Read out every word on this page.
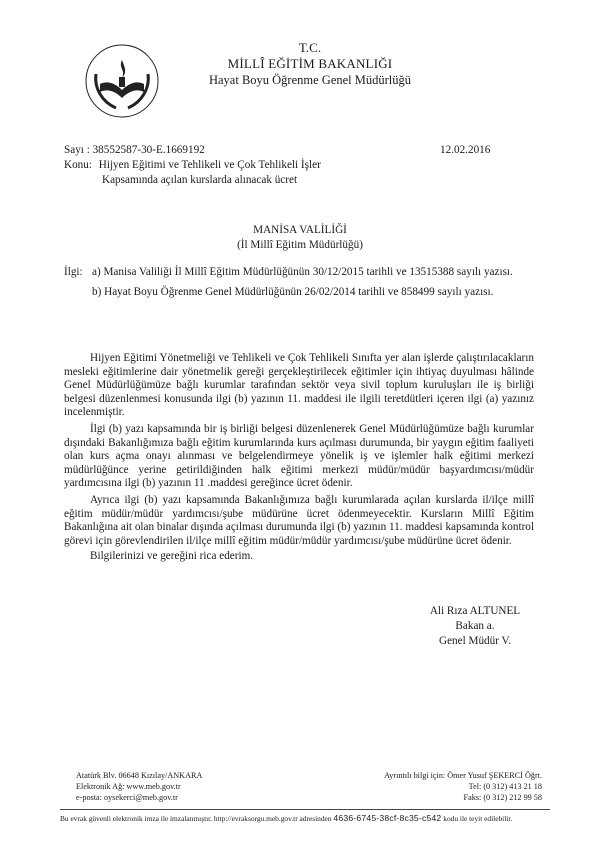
T.C.
MİLLÎ EĞİTİM BAKANLIĞI
Hayat Boyu Öğrenme Genel Müdürlüğü
Sayı : 38552587-30-E.1669192
Konu: Hijyen Eğitimi ve Tehlikeli ve Çok Tehlikeli İşler
Kapsamında açılan kurslarda alınacak ücret
12.02.2016
MANİSA VALİLİĞİ
(İl Millî Eğitim Müdürlüğü)
İlgi: a) Manisa Valiliği İl Millî Eğitim Müdürlüğünün 30/12/2015 tarihli ve 13515388 sayılı yazısı.
b) Hayat Boyu Öğrenme Genel Müdürlüğünün 26/02/2014 tarihli ve 858499 sayılı yazısı.

Hijyen Eğitimi Yönetmeliği ve Tehlikeli ve Çok Tehlikeli Sınıfta yer alan işlerde çalıştırılacakların mesleki eğitimlerine dair yönetmelik gereği gerçekleştirilecek eğitimler için ihtiyaç duyulması hâlinde Genel Müdürlüğümüze bağlı kurumlar tarafından sektör veya sivil toplum kuruluşları ile iş birliği belgesi düzenlenmesi konusunda ilgi (b) yazının 11. maddesi ile ilgili teretdütleri içeren ilgi (a) yazınız incelenmiştir.

İlgi (b) yazı kapsamında bir iş birliği belgesi düzenlenerek Genel Müdürlüğümüze bağlı kurumlar dışındaki Bakanlığımıza bağlı eğitim kurumlarında kurs açılması durumunda, bir yaygın eğitim faaliyeti olan kurs açma onayı alınması ve belgelendirmeye yönelik iş ve işlemler halk eğitimi merkezi müdürlüğünce yerine getirildiğinden halk eğitimi merkezi müdür/müdür başyardımcısı/müdür yardımcısına ilgi (b) yazının 11 .maddesi gereğince ücret ödenir.

Ayrıca ilgi (b) yazı kapsamında Bakanlığımıza bağlı kurumlarada açılan kurslarda il/ilçe millî eğitim müdür/müdür yardımcısı/şube müdürüne ücret ödenmeyecektir. Kursların Millî Eğitim Bakanlığına ait olan binalar dışında açılması durumunda ilgi (b) yazının 11. maddesi kapsamında kontrol görevi için görevlendirilen il/ilçe millî eğitim müdür/müdür yardımcısı/şube müdürüne ücret ödenir.

Bilgilerinizi ve gereğini rica ederim.

Ali Rıza ALTUNEL
Bakan a.
Genel Müdür V.
Atatürk Blv. 06648 Kızılay/ANKARA
Elektronik Ağ: www.meb.gov.tr
e-posta: oysekerci@meb.gov.tr
Ayrıntılı bilgi için: Ömer Yusuf ŞEKERCİ Öğrt.
Tel: (0 312) 413 21 18
Faks: (0 312) 212 99 58
Bu evrak güvenli elektronik imza ile imzalanmıştır. http://evraksorgu.meb.gov.tr adresinden 4636-6745-38cf-8c35-c542 kodu ile teyit edilebilir.
